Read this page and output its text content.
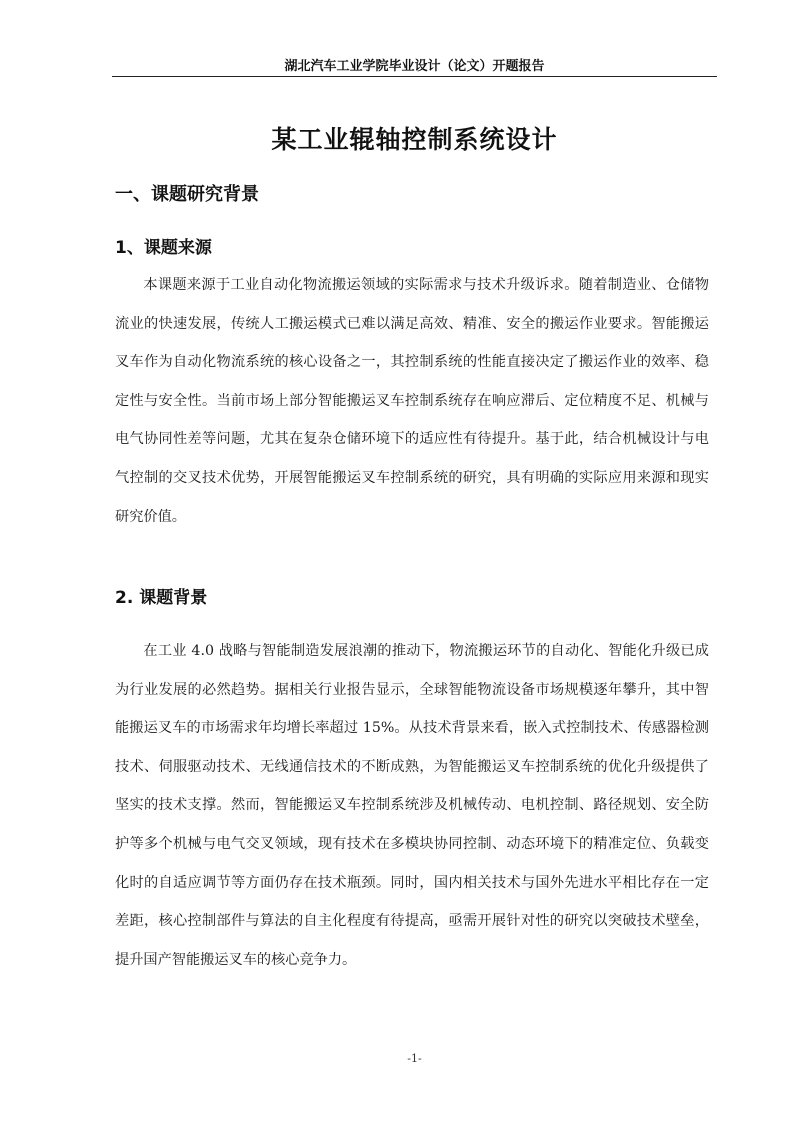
湖北汽车工业学院毕业设计（论文）开题报告
某工业辊轴控制系统设计
一、课题研究背景
1、课题来源

本课题来源于工业自动化物流搬运领域的实际需求与技术升级诉求。随着制造业、仓储物流业的快速发展，传统人工搬运模式已难以满足高效、精准、安全的搬运作业要求。智能搬运叉车作为自动化物流系统的核心设备之一，其控制系统的性能直接决定了搬运作业的效率、稳定性与安全性。当前市场上部分智能搬运叉车控制系统存在响应滞后、定位精度不足、机械与电气协同性差等问题，尤其在复杂仓储环境下的适应性有待提升。基于此，结合机械设计与电气控制的交叉技术优势，开展智能搬运叉车控制系统的研究，具有明确的实际应用来源和现实研究价值。

2. 课题背景

在工业 4.0 战略与智能制造发展浪潮的推动下，物流搬运环节的自动化、智能化升级已成为行业发展的必然趋势。据相关行业报告显示，全球智能物流设备市场规模逐年攀升，其中智能搬运叉车的市场需求年均增长率超过 15%。从技术背景来看，嵌入式控制技术、传感器检测技术、伺服驱动技术、无线通信技术的不断成熟，为智能搬运叉车控制系统的优化升级提供了坚实的技术支撑。然而，智能搬运叉车控制系统涉及机械传动、电机控制、路径规划、安全防护等多个机械与电气交叉领域，现有技术在多模块协同控制、动态环境下的精准定位、负载变化时的自适应调节等方面仍存在技术瓶颈。同时，国内相关技术与国外先进水平相比存在一定差距，核心控制部件与算法的自主化程度有待提高，亟需开展针对性的研究以突破技术壁垒，提升国产智能搬运叉车的核心竞争力。

-1-
